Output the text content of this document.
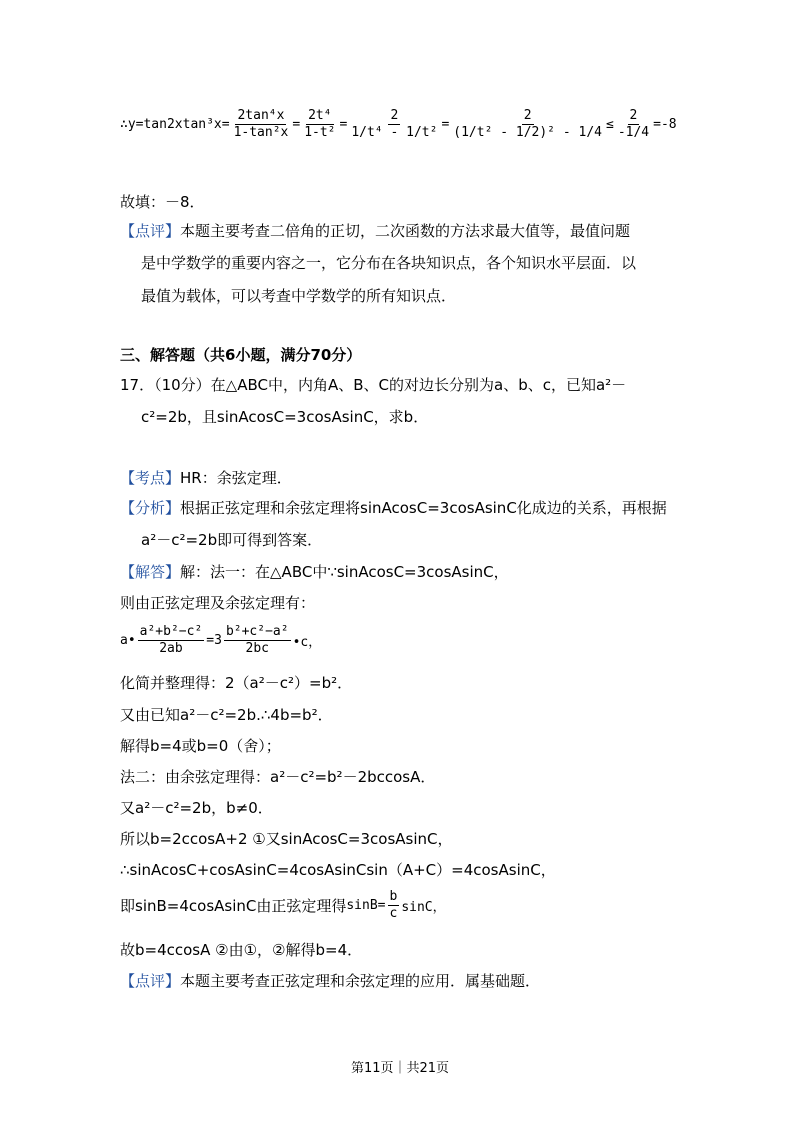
∴y=tan2xtan³x= $\frac{\text{2tan⁴x}}{\text{1-tan²x}} = \frac{\text{2t⁴}}{\text{1-t²}} = \frac{2}{\text{1/t⁴ - 1/t²}} = \frac{2}{\text{(1/t² - 1/2)² - 1/4}} \le \frac{2}{-1/4} =-8$
故填：－8．
【点评】本题主要考查二倍角的正切，二次函数的方法求最大值等，最值问题
是中学数学的重要内容之一，它分布在各块知识点，各个知识水平层面．以
最值为载体，可以考查中学数学的所有知识点．
三、解答题（共6小题，满分70分）
17．（10分）在△ABC中，内角A、B、C的对边长分别为a、b、c，已知a²－
c²=2b，且sinAcosC=3cosAsinC，求b．
【考点】HR：余弦定理．
【分析】根据正弦定理和余弦定理将sinAcosC=3cosAsinC化成边的关系，再根据
a²－c²=2b即可得到答案．
【解答】解：法一：在△ABC中∵sinAcosC=3cosAsinC，
则由正弦定理及余弦定理有：
a• $\frac{\text{a²+b²−c²}}{2ab} =3 \frac{\text{b²+c²−a²}}{2bc}$ •c，
化简并整理得：2（a²－c²）=b²．
又由已知a²－c²=2b.∴4b=b²．
解得b=4或b=0（舍）；
法二：由余弦定理得：a²－c²=b²－2bccosA．
又a²－c²=2b，b≠0．
所以b=2ccosA+2 ①又sinAcosC=3cosAsinC，
∴sinAcosC+cosAsinC=4cosAsinCsin（A+C）=4cosAsinC，
即sinB=4cosAsinC由正弦定理得 $\sin B= \frac{b}{c}$ sinC，
故b=4ccosA ②由①，②解得b=4．
【点评】本题主要考查正弦定理和余弦定理的应用．属基础题．
第11页｜共21页
